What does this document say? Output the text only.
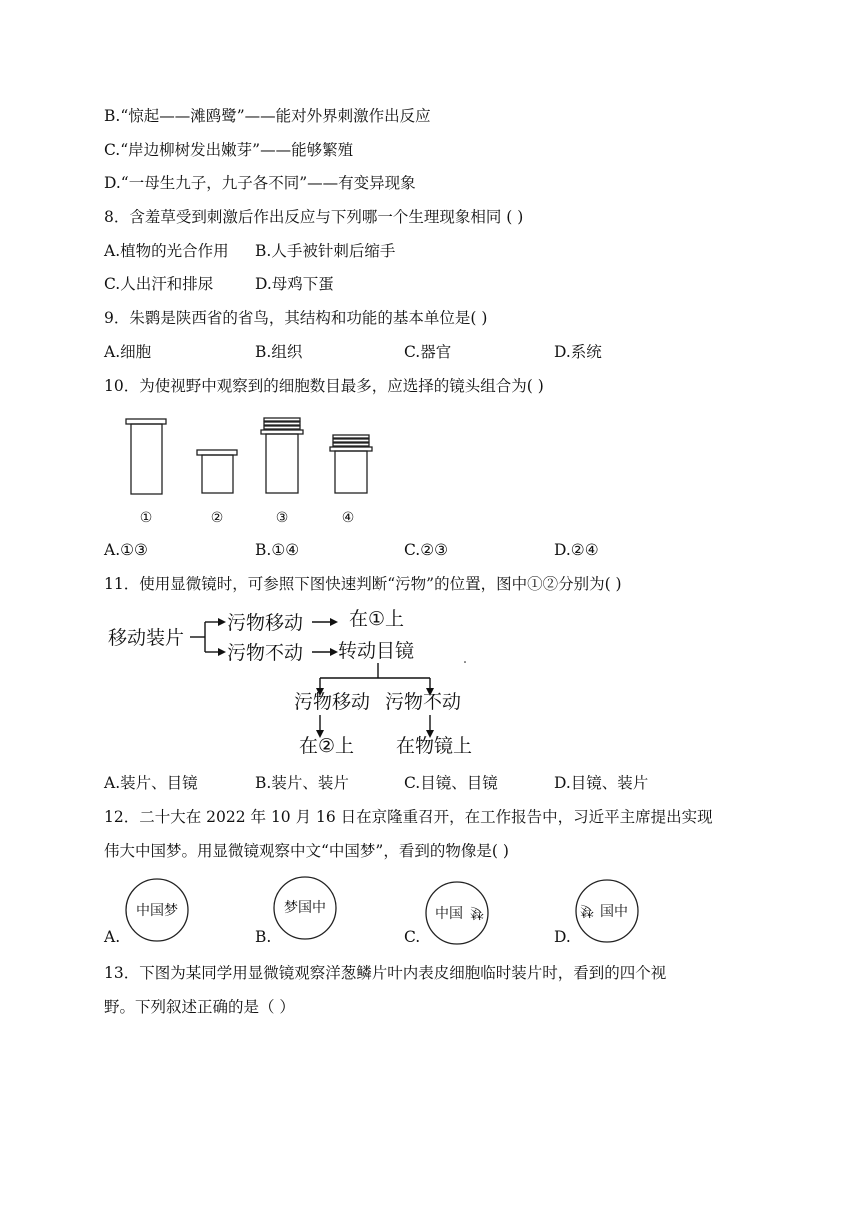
B.“惊起——滩鸥鹭”——能对外界刺激作出反应
C.“岸边柳树发出嫩芽”——能够繁殖
D.“一母生九子，九子各不同”——有变异现象
8．含羞草受到刺激后作出反应与下列哪一个生理现象相同 ( )
A.植物的光合作用 B.人手被针刺后缩手
C.人出汗和排尿	D.母鸡下蛋
9．朱鹮是陕西省的省鸟，其结构和功能的基本单位是( )
A.细胞	B.组织	C.器官	D.系统
10．为使视野中观察到的细胞数目最多，应选择的镜头组合为( )
①	②	③	④
A.①③	B.①④	C.②③	D.②④
11．使用显微镜时，可参照下图快速判断“污物”的位置，图中①②分别为( )
移动装片
污物移动
污物不动
在①上
转动目镜
污物移动 污物不动
在②上 在物镜上
A.装片、目镜	B.装片、装片	C.目镜、目镜	D.目镜、装片
12．二十大在 2022 年 10 月 16 日在京隆重召开，在工作报告中，习近平主席提出实现
伟大中国梦。用显微镜观察中文“中国梦”，看到的物像是( )
A.	B.	C.	D.
中国梦	梦国中	中国 梦	梦 国中
13．下图为某同学用显微镜观察洋葱鳞片叶内表皮细胞临时装片时，看到的四个视
野。下列叙述正确的是（ ）
